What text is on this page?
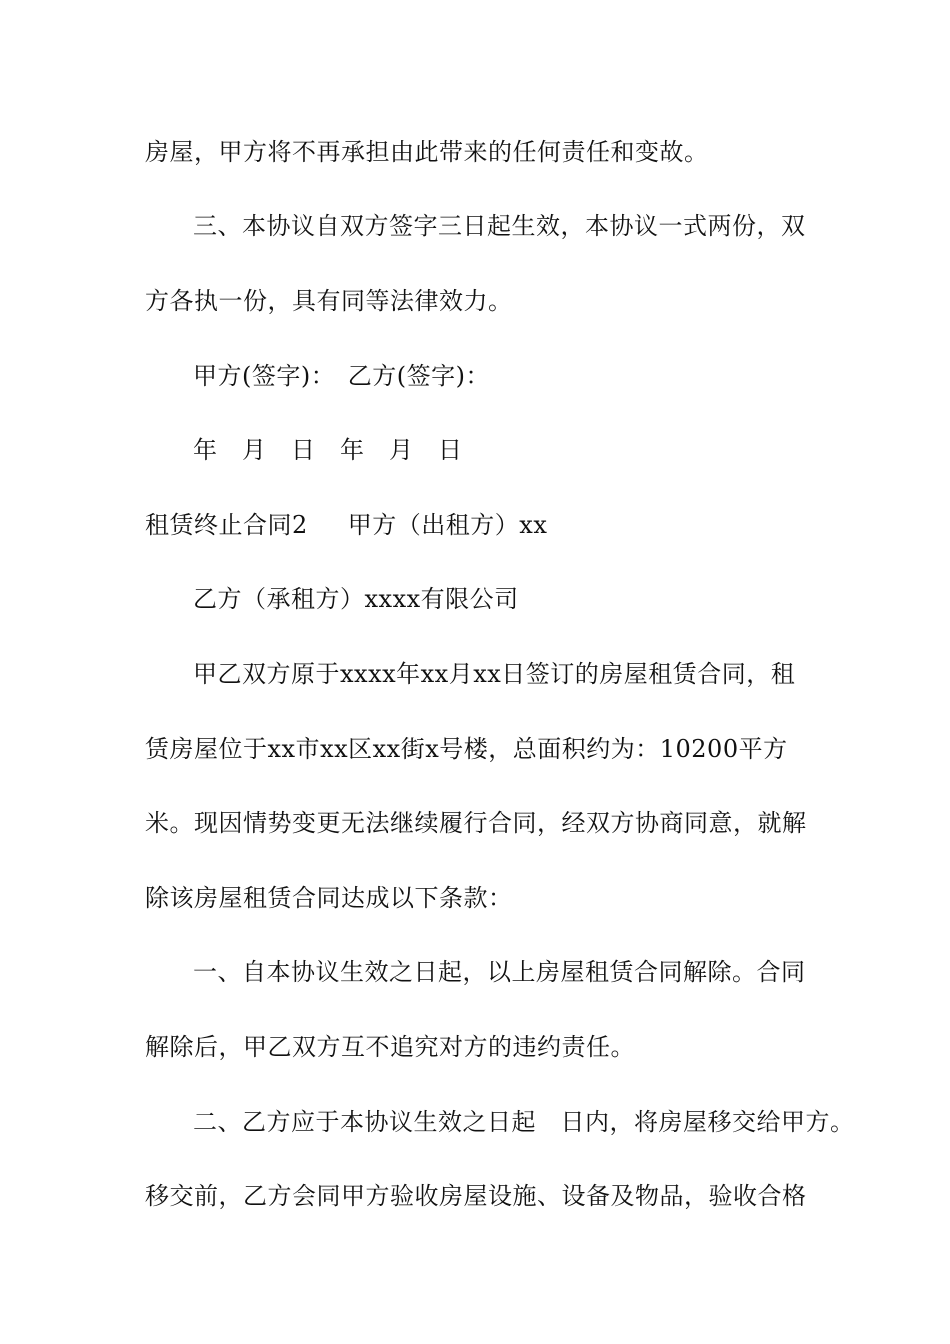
房屋，甲方将不再承担由此带来的任何责任和变故。
三、本协议自双方签字三日起生效，本协议一式两份，双
方各执一份，具有同等法律效力。
甲方(签字)：　乙方(签字)：
年　月　日　年　月　日
租赁终止合同2 甲方（出租方）xx
乙方（承租方）xxxx有限公司
甲乙双方原于xxxx年xx月xx日签订的房屋租赁合同，租
赁房屋位于xx市xx区xx街x号楼，总面积约为：10200平方
米。现因情势变更无法继续履行合同，经双方协商同意，就解
除该房屋租赁合同达成以下条款：
一、自本协议生效之日起，以上房屋租赁合同解除。合同
解除后，甲乙双方互不追究对方的违约责任。
二、乙方应于本协议生效之日起　日内，将房屋移交给甲方。
移交前，乙方会同甲方验收房屋设施、设备及物品，验收合格
